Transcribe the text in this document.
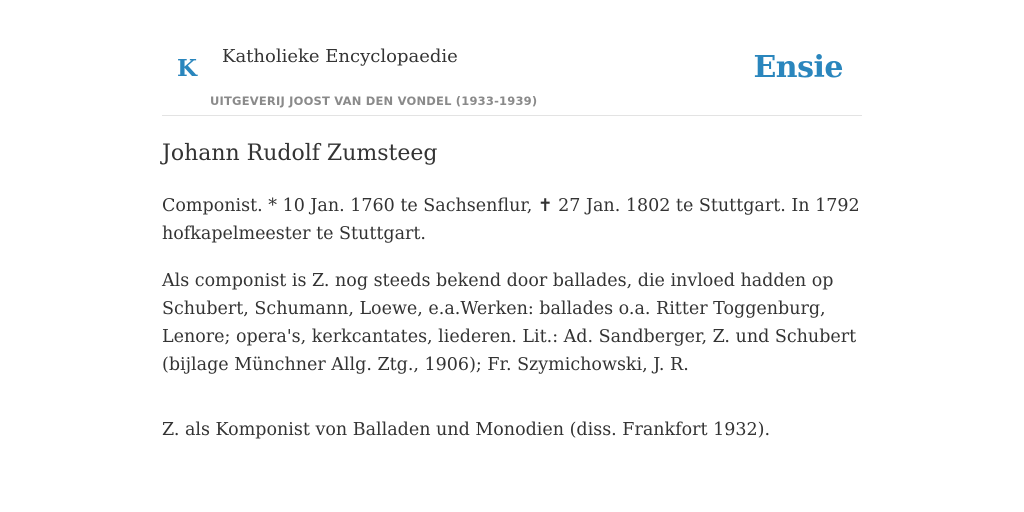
K Katholieke Encyclopaedie
UITGEVERIJ JOOST VAN DEN VONDEL (1933-1939)
Ensie
Johann Rudolf Zumsteeg

Componist. * 10 Jan. 1760 te Sachsenflur, ✝ 27 Jan. 1802 te Stuttgart. In 1792 hofkapelmeester te Stuttgart.

Als componist is Z. nog steeds bekend door ballades, die invloed hadden op Schubert, Schumann, Loewe, e.a.Werken: ballades o.a. Ritter Toggenburg, Lenore; opera's, kerkcantates, liederen. Lit.: Ad. Sandberger, Z. und Schubert (bijlage Münchner Allg. Ztg., 1906); Fr. Szymichowski, J. R.

Z. als Komponist von Balladen und Monodien (diss. Frankfort 1932).
